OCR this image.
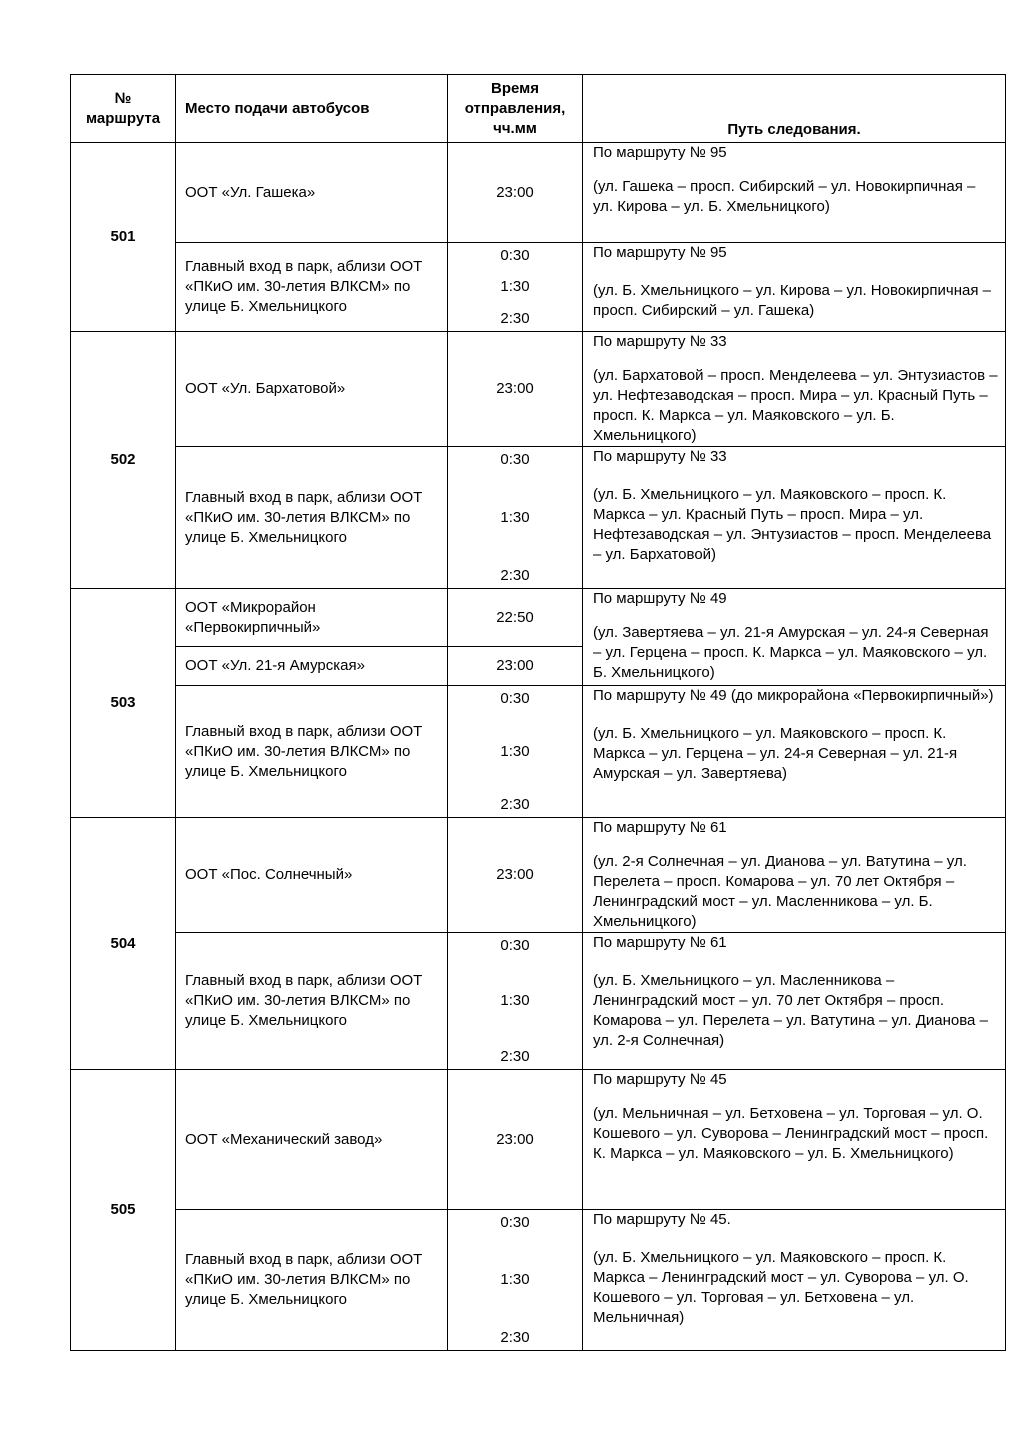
№
маршрута	Место подачи автобусов	Время
отправления,
чч.мм	Путь следования.
501	ООТ «Ул. Гашека»	23:00	По маршруту № 95
(ул. Гашека – просп. Сибирский – ул. Новокирпичная – ул. Кирова – ул. Б. Хмельницкого)

	Главный вход в парк, аблизи ООТ «ПКиО им. 30-летия ВЛКСМ» по улице Б. Хмельницкого	0:30
1:30
2:30	По маршруту № 95
(ул. Б. Хмельницкого – ул. Кирова – ул. Новокирпичная – просп. Сибирский – ул. Гашека)

502	ООТ «Ул. Бархатовой»	23:00	По маршруту № 33
(ул. Бархатовой – просп. Менделеева – ул. Энтузиастов – ул. Нефтезаводская – просп. Мира – ул. Красный Путь – просп. К. Маркса – ул. Маяковского – ул. Б. Хмельницкого)

	Главный вход в парк, аблизи ООТ «ПКиО им. 30-летия ВЛКСМ» по улице Б. Хмельницкого	0:30
1:30
2:30	По маршруту № 33
(ул. Б. Хмельницкого – ул. Маяковского – просп. К. Маркса – ул. Красный Путь – просп. Мира – ул. Нефтезаводская – ул. Энтузиастов – просп. Менделеева – ул. Бархатовой)

503	ООТ «Микрорайон «Первокирпичный»	22:50	По маршруту № 49
(ул. Завертяева – ул. 21-я Амурская – ул. 24-я Северная – ул. Герцена – просп. К. Маркса – ул. Маяковского – ул. Б. Хмельницкого)

	ООТ «Ул. 21-я Амурская»	23:00	
	Главный вход в парк, аблизи ООТ «ПКиО им. 30-летия ВЛКСМ» по улице Б. Хмельницкого	0:30
1:30
2:30	По маршруту № 49 (до микрорайона «Первокирпичный»)
(ул. Б. Хмельницкого – ул. Маяковского – просп. К. Маркса – ул. Герцена – ул. 24-я Северная – ул. 21-я Амурская – ул. Завертяева)

504	ООТ «Пос. Солнечный»	23:00	По маршруту № 61
(ул. 2-я Солнечная – ул. Дианова – ул. Ватутина – ул. Перелета – просп. Комарова – ул. 70 лет Октября – Ленинградский мост – ул. Масленникова – ул. Б. Хмельницкого)

	Главный вход в парк, аблизи ООТ «ПКиО им. 30-летия ВЛКСМ» по улице Б. Хмельницкого	0:30
1:30
2:30	По маршруту № 61
(ул. Б. Хмельницкого – ул. Масленникова – Ленинградский мост – ул. 70 лет Октября – просп. Комарова – ул. Перелета – ул. Ватутина – ул. Дианова – ул. 2-я Солнечная)

505	ООТ «Механический завод»	23:00	По маршруту № 45
(ул. Мельничная – ул. Бетховена – ул. Торговая – ул. О. Кошевого – ул. Суворова – Ленинградский мост – просп. К. Маркса – ул. Маяковского – ул. Б. Хмельницкого)

	Главный вход в парк, аблизи ООТ «ПКиО им. 30-летия ВЛКСМ» по улице Б. Хмельницкого	0:30
1:30
2:30	По маршруту № 45.
(ул. Б. Хмельницкого – ул. Маяковского – просп. К. Маркса – Ленинградский мост – ул. Суворова – ул. О. Кошевого – ул. Торговая – ул. Бетховена – ул. Мельничная)
